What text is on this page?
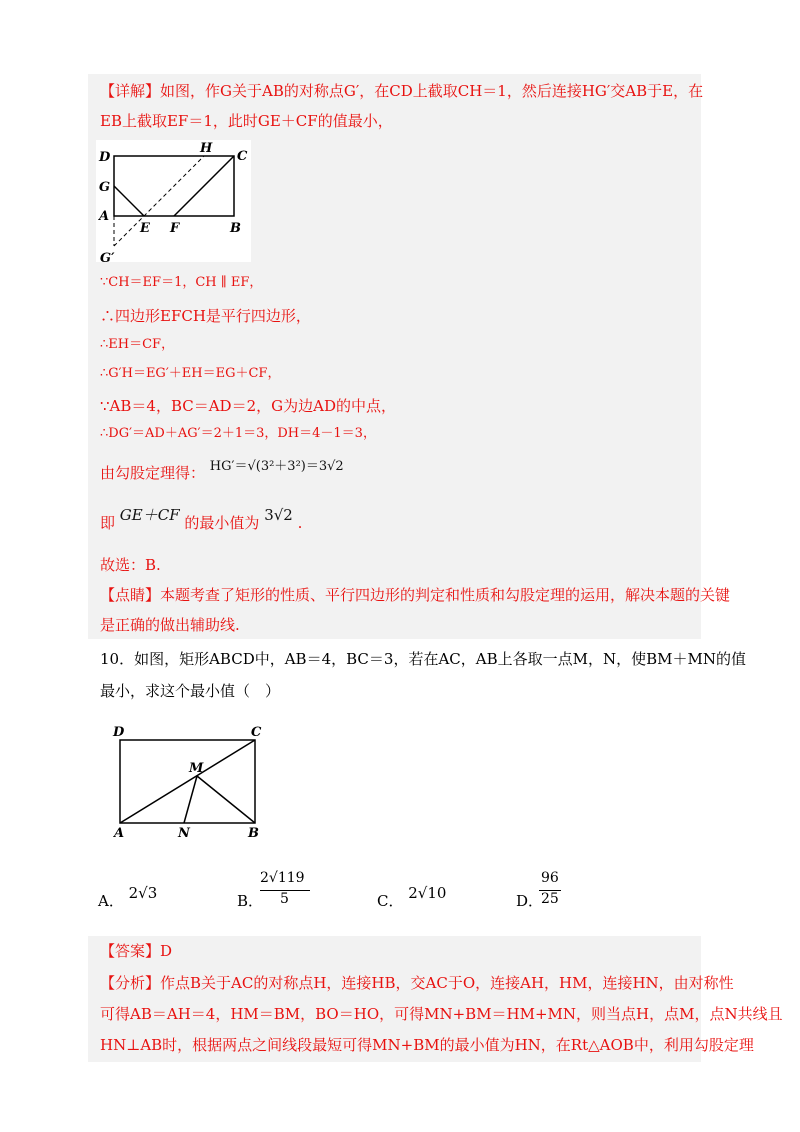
【详解】如图，作G关于AB的对称点G′，在CD上截取CH＝1，然后连接HG′交AB于E，在
EB上截取EF＝1，此时GE＋CF的值最小，
D
H
C
G
A
E F	B
G′
∵CH＝EF＝1，CH ∥ EF，
∴四边形EFCH是平行四边形，
∴EH＝CF，
∴G′H＝EG′＋EH＝EG＋CF，
∵AB＝4，BC＝AD＝2，G为边AD的中点，
∴DG′＝AD＋AG′＝2＋1＝3，DH＝4－1＝3，
由勾股定理得： HG′＝√(3²＋3²)＝3√2
即 GE＋CF 的最小值为 3√2 .
故选：B.
【点睛】本题考查了矩形的性质、平行四边形的判定和性质和勾股定理的运用，解决本题的关键
是正确的做出辅助线.
10．如图，矩形ABCD中，AB＝4，BC＝3，若在AC，AB上各取一点M，N，使BM＋MN的值
最小，求这个最小值（　）
D	C
M
A	N	B
A． 2√3	B．
2√119
5	C． 2√10	D．
96
25
【答案】D
【分析】作点B关于AC的对称点H，连接HB，交AC于O，连接AH，HM，连接HN，由对称性
可得AB＝AH＝4，HM＝BM，BO＝HO，可得MN+BM＝HM+MN，则当点H，点M，点N共线且
HN⊥AB时，根据两点之间线段最短可得MN+BM的最小值为HN，在Rt△AOB中，利用勾股定理
